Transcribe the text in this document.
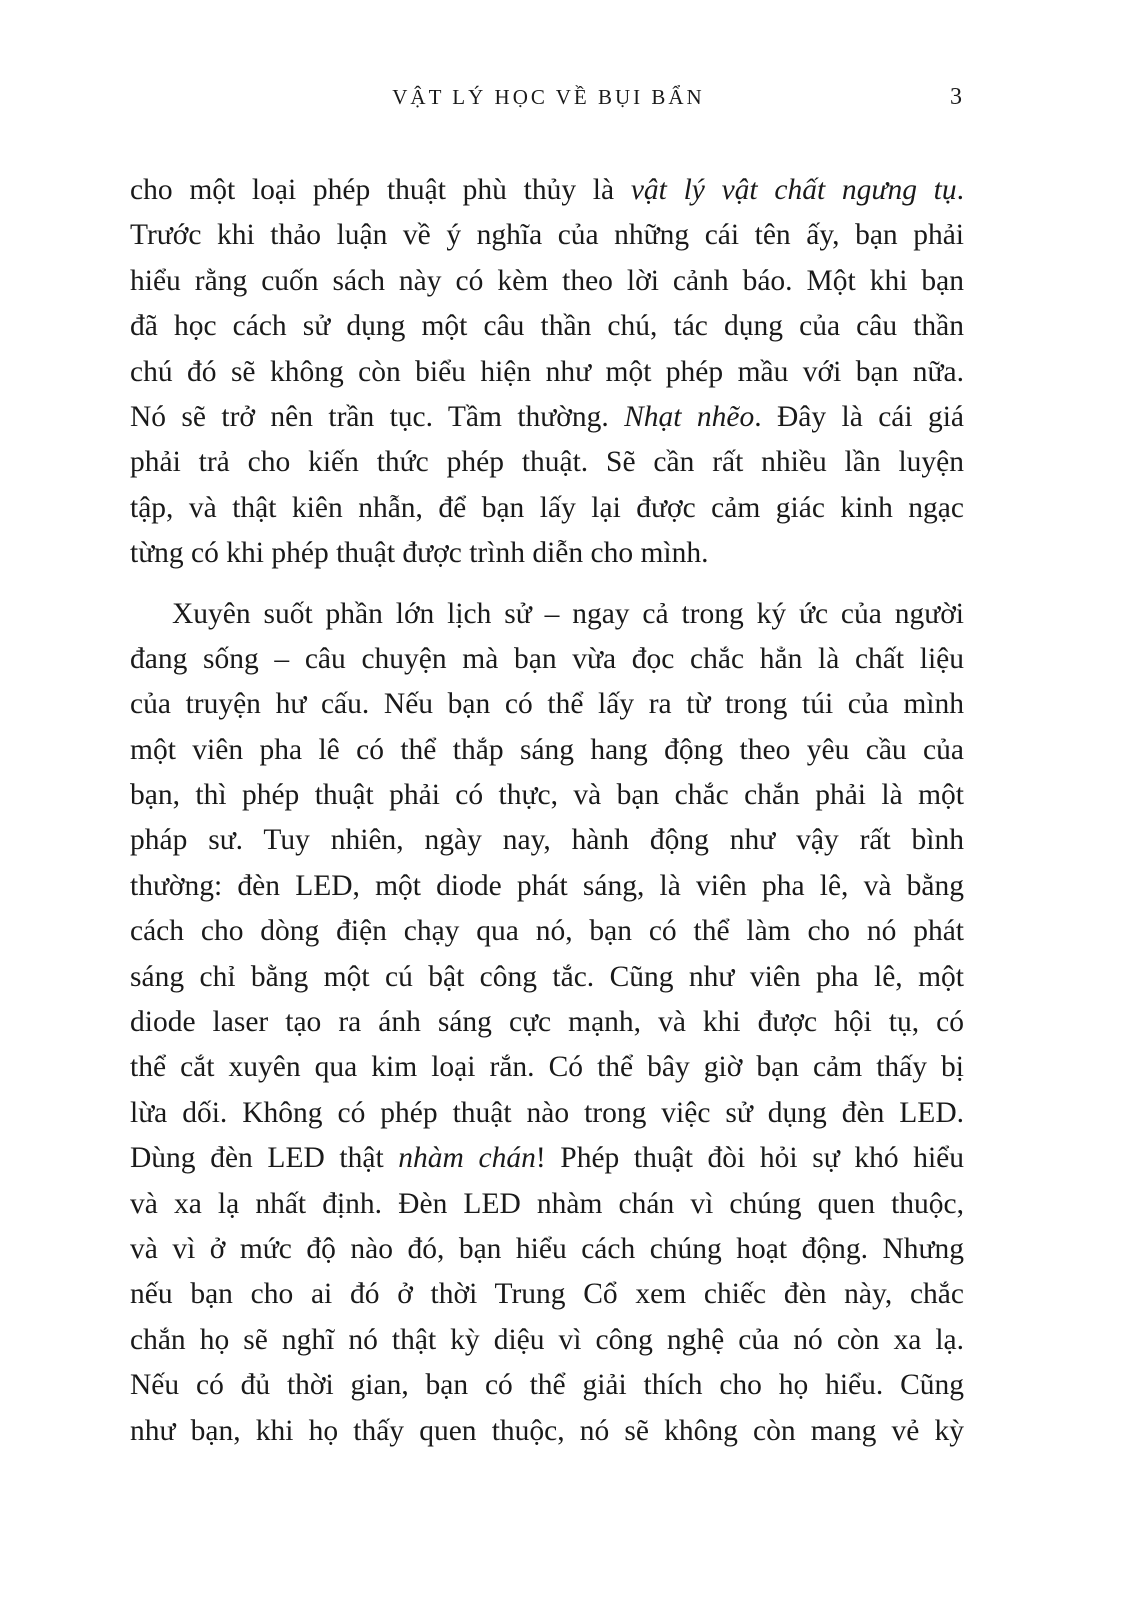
VẬT LÝ HỌC VỀ BỤI BẨN	3
cho một loại phép thuật phù thủy là vật lý vật chất ngưng tụ.
Trước khi thảo luận về ý nghĩa của những cái tên ấy, bạn phải
hiểu rằng cuốn sách này có kèm theo lời cảnh báo. Một khi bạn
đã học cách sử dụng một câu thần chú, tác dụng của câu thần
chú đó sẽ không còn biểu hiện như một phép mầu với bạn nữa.
Nó sẽ trở nên trần tục. Tầm thường. Nhạt nhẽo. Đây là cái giá
phải trả cho kiến thức phép thuật. Sẽ cần rất nhiều lần luyện
tập, và thật kiên nhẫn, để bạn lấy lại được cảm giác kinh ngạc
từng có khi phép thuật được trình diễn cho mình.
Xuyên suốt phần lớn lịch sử – ngay cả trong ký ức của người
đang sống – câu chuyện mà bạn vừa đọc chắc hẳn là chất liệu
của truyện hư cấu. Nếu bạn có thể lấy ra từ trong túi của mình
một viên pha lê có thể thắp sáng hang động theo yêu cầu của
bạn, thì phép thuật phải có thực, và bạn chắc chắn phải là một
pháp sư. Tuy nhiên, ngày nay, hành động như vậy rất bình
thường: đèn LED, một diode phát sáng, là viên pha lê, và bằng
cách cho dòng điện chạy qua nó, bạn có thể làm cho nó phát
sáng chỉ bằng một cú bật công tắc. Cũng như viên pha lê, một
diode laser tạo ra ánh sáng cực mạnh, và khi được hội tụ, có
thể cắt xuyên qua kim loại rắn. Có thể bây giờ bạn cảm thấy bị
lừa dối. Không có phép thuật nào trong việc sử dụng đèn LED.
Dùng đèn LED thật nhàm chán! Phép thuật đòi hỏi sự khó hiểu
và xa lạ nhất định. Đèn LED nhàm chán vì chúng quen thuộc,
và vì ở mức độ nào đó, bạn hiểu cách chúng hoạt động. Nhưng
nếu bạn cho ai đó ở thời Trung Cổ xem chiếc đèn này, chắc
chắn họ sẽ nghĩ nó thật kỳ diệu vì công nghệ của nó còn xa lạ.
Nếu có đủ thời gian, bạn có thể giải thích cho họ hiểu. Cũng
như bạn, khi họ thấy quen thuộc, nó sẽ không còn mang vẻ kỳ
